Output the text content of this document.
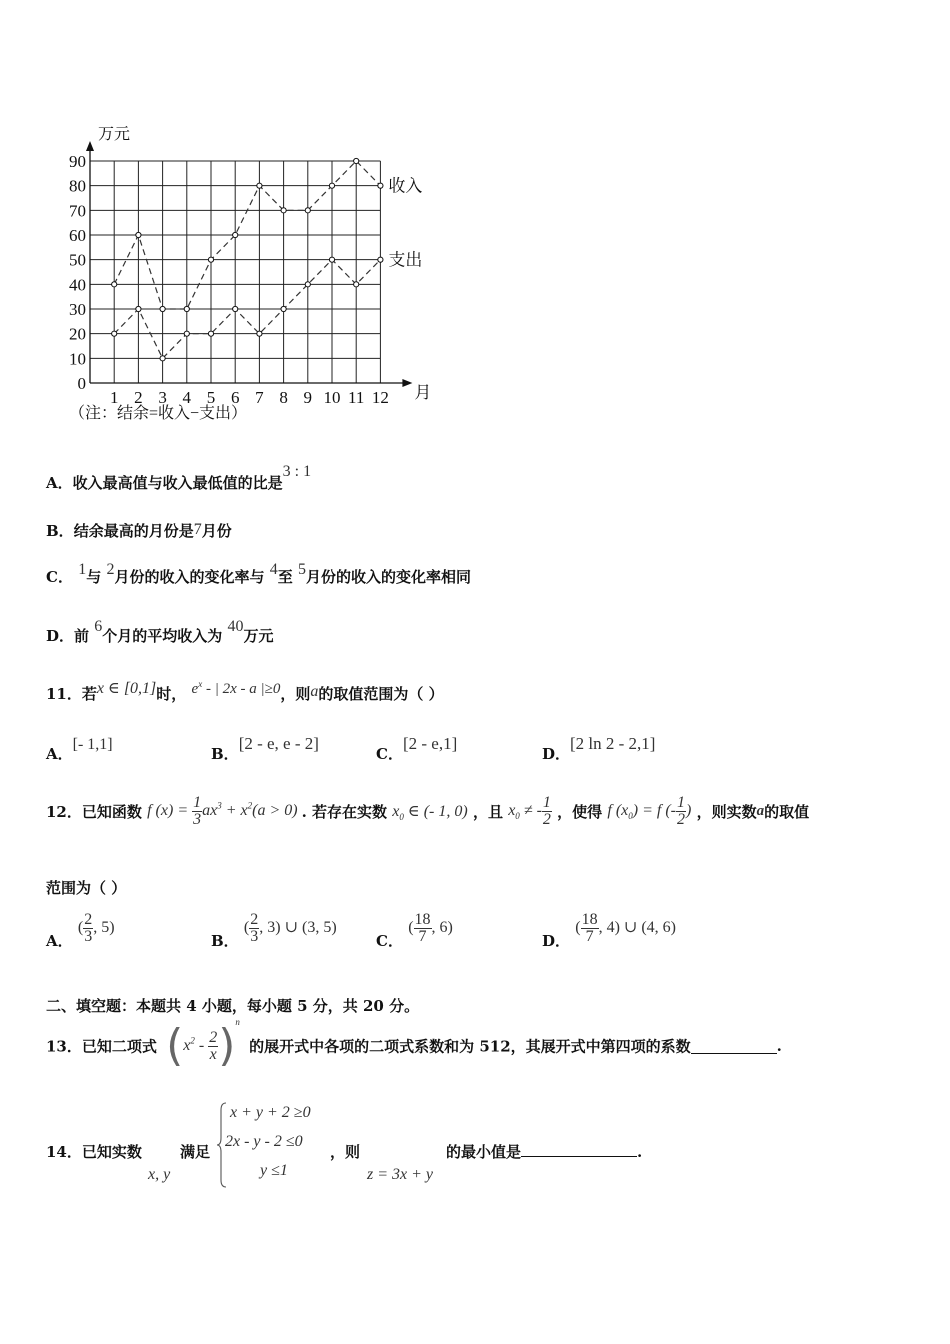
0
10
20
30
40
50
60
70
80
90
1 2 3 4 5 6 7 8 9 10 11 12
万元
月
（注：结余=收入−支出）
收入
支出
A．收入最高值与收入最低值的比是3 : 1
B．结余最高的月份是7月份
C． 1与 2月份的收入的变化率与 4至 5月份的收入的变化率相同
D．前 6个月的平均收入为 40万元
11．若x ∈ [0,1]时， $e^x$ - | 2x - a |≥0，则a的取值范围为（ ）
A．[- 1,1]
B．[2 - e, e - 2]
C．[2 - e,1]
D．[2 ln 2 - 2,1]
12．已知函数 f $(x) = \frac{1}{3} ax^3 + x^2(a > 0)$ . 若存在实数 $x_0$ ∈ (- 1, 0) ，且 $x_0$ ≠ - $\frac{1}{2}$ ，使得 f $(x_0) = f$ (- $\frac{1}{2}$ ) ，则实数a的取值
范围为（ ）
A． ( $\frac{2}{3}$ , 5)
B． ( $\frac{2}{3}$ , 3) ∪ (3, 5)
C． ( $\frac{18}{7}$ , 6)
D． ( $\frac{18}{7}$ , 4) ∪ (4, 6)
二、填空题：本题共 4 小题，每小题 5 分，共 20 分。
13．已知二项式 $(x^2 - \frac{2}{x} )^n$ 的展开式中各项的二项式系数和为 512，其展开式中第四项的系数	.
14．已知实数
x, y
满足
x + y + 2 ≥0
2x - y - 2 ≤0
y ≤1
，则
z = 3x + y
的最小值是	.
